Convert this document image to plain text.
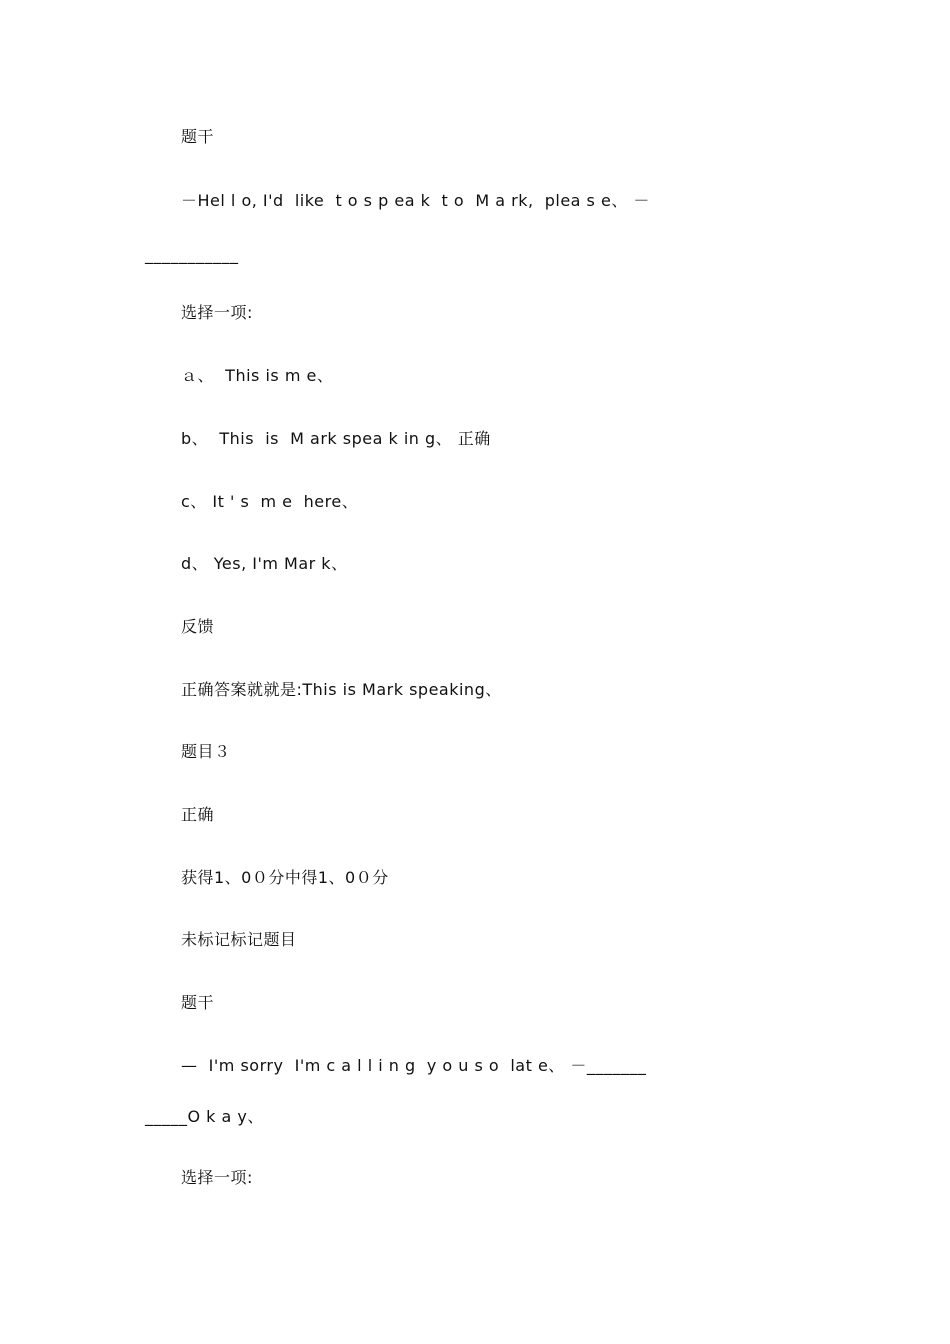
题干
－Hel l o, I'd  like  t o s p ea k  t o  M a rk,  plea s e、 －
___________
选择一项:
ａ、  This is m e、
b、  This  is  M ark spea k in g、 正确
c、 It ' s  m e  here、
d、 Yes, I'm Mar k、
反馈
正确答案就就是:This is Mark speaking、
题目３
正确
获得1、0０分中得1、0０分
未标记标记题目
题干
—  I'm sorry  I'm c a l l i n g  y o u s o  lat e、 －_______
_____O k a y、
选择一项:
